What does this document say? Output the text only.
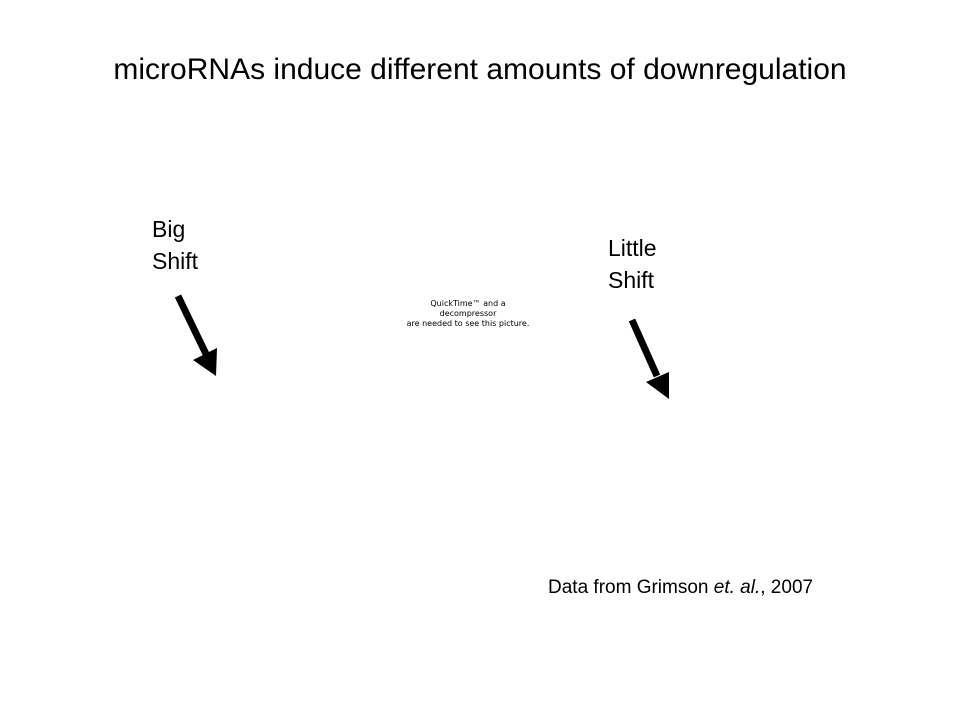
microRNAs induce different amounts of downregulation
Big
Shift
QuickTime™ and a
decompressor
are needed to see this picture.
Little
Shift
Data from Grimson et. al., 2007
